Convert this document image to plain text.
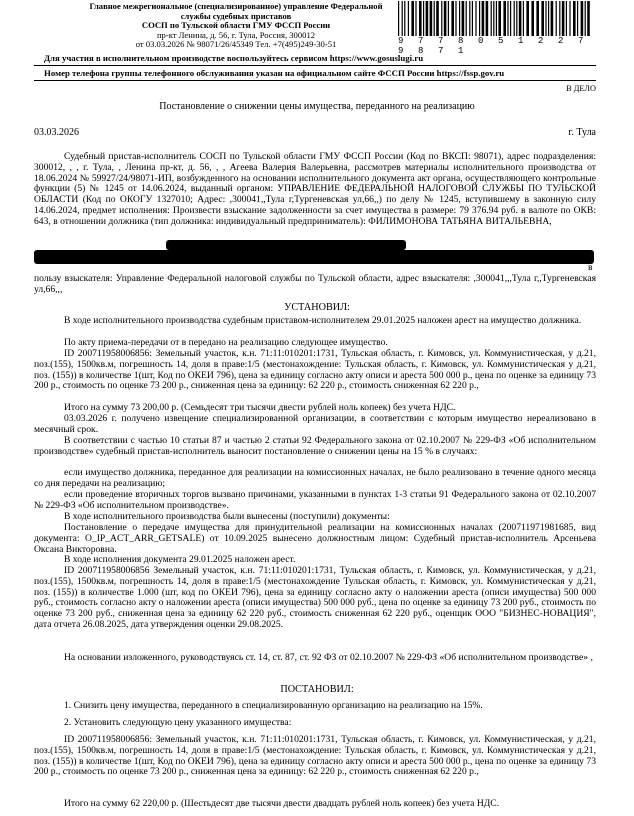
Главное межрегиональное (специализированное) управление Федеральной
службы судебных приставов
СОСП по Тульской области ГМУ ФССП России
пр-кт Ленина, д. 56, г. Тула, Россия, 300012
от 03.03.2026 № 98071/26/45349 Тел. +7(495)249-30-51	9 7 7 8 0 5 1 2 2 7 9 8 7 1
Для участия в исполнительном производстве воспользуйтесь сервисом https://www.gosuslugi.ru
Номер телефона группы телефонного обслуживания указан на официальном сайте ФССП России https://fssp.gov.ru
В ДЕЛО
Постановление о снижении цены имущества, переданного на реализацию
03.03.2026	г. Тула

Судебный пристав-исполнитель СОСП по Тульской области ГМУ ФССП России (Код по ВКСП: 98071), адрес подразделения: 300012, , , г. Тула, , Ленина пр-кт, д. 56, , , Агеева Валерия Валерьевна, рассмотрев материалы исполнительного производства от 18.06.2024 № 59927/24/98071-ИП, возбужденного на основании исполнительного документа акт органа, осуществляющего контрольные функции (5) № 1245 от 14.06.2024, выданный органом: УПРАВЛЕНИЕ ФЕДЕРАЛЬНОЙ НАЛОГОВОЙ СЛУЖБЫ ПО ТУЛЬСКОЙ ОБЛАСТИ (Код по ОКОГУ 1327010; Адрес: ,300041,,Тула г,Тургеневская ул,66,,) по делу № 1245, вступившему в законную силу 14.06.2024, предмет исполнения: Произвести взыскание задолженности за счет имущества в размере: 79 376.94 руб. в валюте по ОКВ: 643, в отношении должника (тип должника: индивидуальный предприниматель): ФИЛИМОНОВА ТАТЬЯНА ВИТАЛЬЕВНА,

в

пользу взыскателя: Управление Федеральной налоговой службы по Тульской области, адрес взыскателя: ,300041,,,Тула г,,Тургеневская ул,66,,,

УСТАНОВИЛ:

В ходе исполнительного производства судебным приставом-исполнителем 29.01.2025 наложен арест на имущество должника.

По акту приема-передачи от в передано на реализацию следующее имущество.

ID 200711958006856: Земельный участок, к.н. 71:11:010201:1731, Тульская область, г. Кимовск, ул. Коммунистическая, у д.21, поз.(155), 1500кв.м, погрешность 14, доля в праве:1/5 (местонахождение: Тульская область, г. Кимовск, ул. Коммунистическая у д.21, поз. (155)) в количестве 1(шт, Код по ОКЕИ 796), цена за единицу согласно акту описи и ареста 500 000 р., цена по оценке за единицу 73 200 р., стоимость по оценке 73 200 р., сниженная цена за единицу: 62 220 р., стоимость сниженная 62 220 р.,

Итого на сумму 73 200,00 р. (Семьдесят три тысячи двести рублей ноль копеек) без учета НДС.

03.03.2026 г. получено извещение специализированной организации, в соответствии с которым имущество нереализовано в месячный срок.

В соответствии с частью 10 статьи 87 и частью 2 статьи 92 Федерального закона от 02.10.2007 № 229-ФЗ «Об исполнительном производстве» судебный пристав-исполнитель выносит постановление о снижении цены на 15 % в случаях:

если имущество должника, переданное для реализации на комиссионных началах, не было реализовано в течение одного месяца со дня передачи на реализацию;

если проведение вторичных торгов вызвано причинами, указанными в пунктах 1-3 статьи 91 Федерального закона от 02.10.2007 № 229-ФЗ «Об исполнительном производстве».

В ходе исполнительного производства были вынесены (поступили) документы:

Постановление о передаче имущества для принудительной реализации на комиссионных началах (200711971981685, вид документа: O_IP_ACT_ARR_GETSALE) от 10.09.2025 вынесено должностным лицом: Судебный пристав-исполнитель Арсеньева Оксана Викторовна.

В ходе исполнения документа 29.01.2025 наложен арест.

ID 200711958006856 Земельный участок, к.н. 71:11:010201:1731, Тульская область, г. Кимовск, ул. Коммунистическая, у д.21, поз.(155), 1500кв.м, погрешность 14, доля в праве:1/5 (местонахождение Тульская область, г. Кимовск, ул. Коммунистическая у д.21, поз. (155)) в количестве 1.000 (шт, код по ОКЕИ 796), цена за единицу согласно акту о наложении ареста (описи имущества) 500 000 руб., стоимость согласно акту о наложении ареста (описи имущества) 500 000 руб., цена по оценке за единицу 73 200 руб., стоимость по оценке 73 200 руб., сниженная цена за единицу 62 220 руб., стоимость сниженная 62 220 руб., оценщик ООО "БИЗНЕС-НОВАЦИЯ", дата отчета 26.08.2025, дата утверждения оценки 29.08.2025.

На основании изложенного, руководствуясь ст. 14, ст. 87, ст. 92 ФЗ от 02.10.2007 № 229-ФЗ «Об исполнительном производстве» ,

ПОСТАНОВИЛ:

1. Снизить цену имущества, переданного в специализированную организацию на реализацию на 15%.

2. Установить следующую цену указанного имущества:

ID 200711958006856: Земельный участок, к.н. 71:11:010201:1731, Тульская область, г. Кимовск, ул. Коммунистическая, у д.21, поз.(155), 1500кв.м, погрешность 14, доля в праве:1/5 (местонахождение: Тульская область, г. Кимовск, ул. Коммунистическая у д.21, поз. (155)) в количестве 1(шт, Код по ОКЕИ 796), цена за единицу согласно акту описи и ареста 500 000 р., цена по оценке за единицу 73 200 р., стоимость по оценке 73 200 р., сниженная цена за единицу: 62 220 р., стоимость сниженная 62 220 р.,

Итого на сумму 62 220,00 р. (Шестьдесят две тысячи двести двадцать рублей ноль копеек) без учета НДС.
